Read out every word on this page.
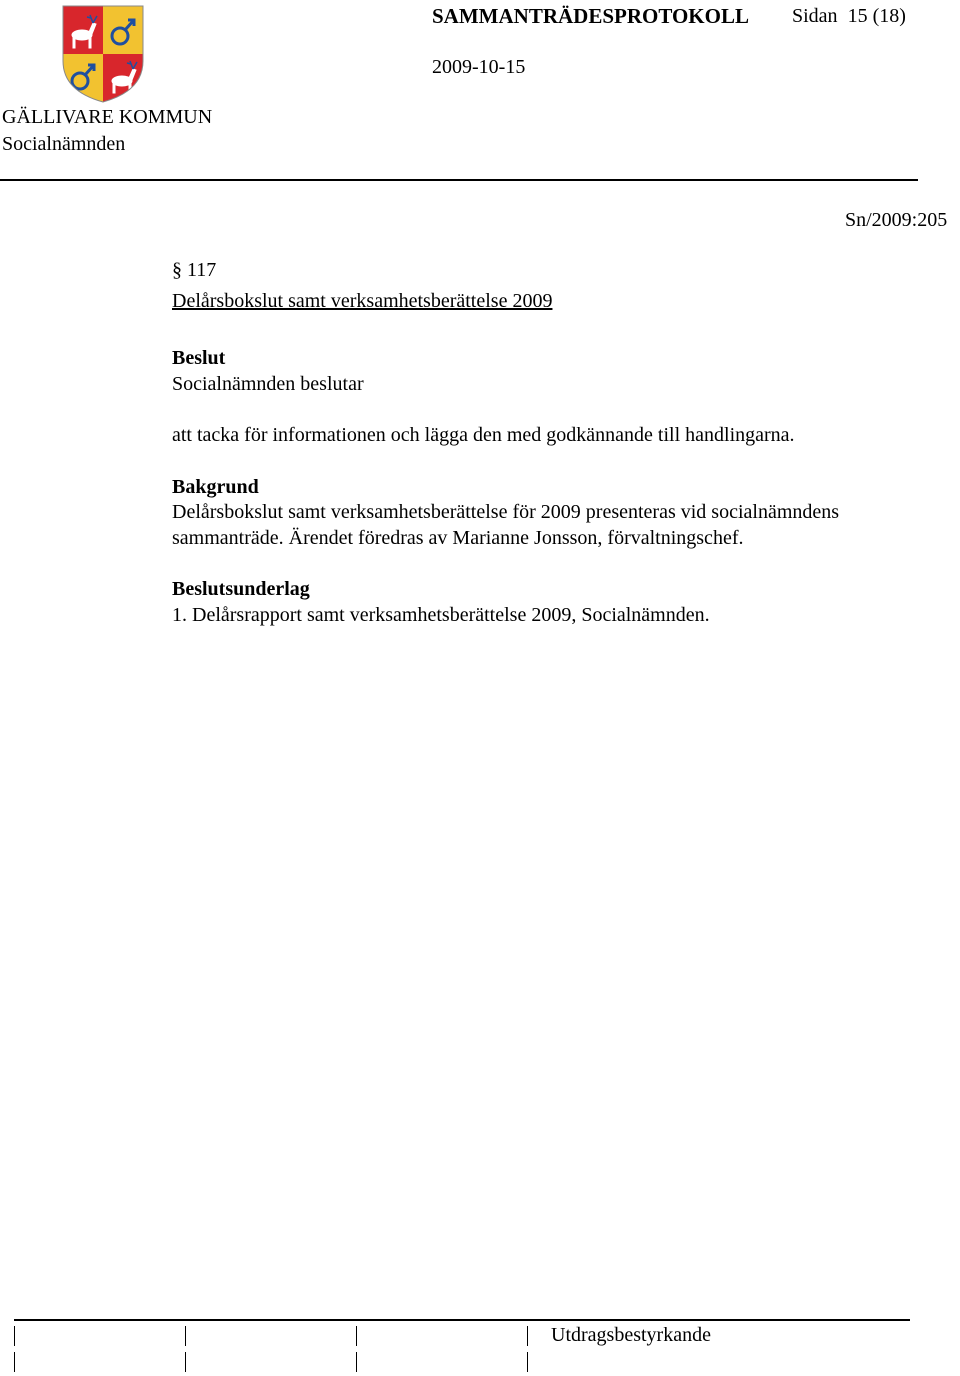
GÄLLIVARE KOMMUN
Socialnämnden
SAMMANTRÄDESPROTOKOLL Sidan 15 (18)
2009-10-15
Sn/2009:205
§ 117
Delårsbokslut samt verksamhetsberättelse 2009
Beslut
Socialnämnden beslutar
att tacka för informationen och lägga den med godkännande till handlingarna.
Bakgrund
Delårsbokslut samt verksamhetsberättelse för 2009 presenteras vid socialnämndens
sammanträde. Ärendet föredras av Marianne Jonsson, förvaltningschef.
Beslutsunderlag
1. Delårsrapport samt verksamhetsberättelse 2009, Socialnämnden.
Utdragsbestyrkande
